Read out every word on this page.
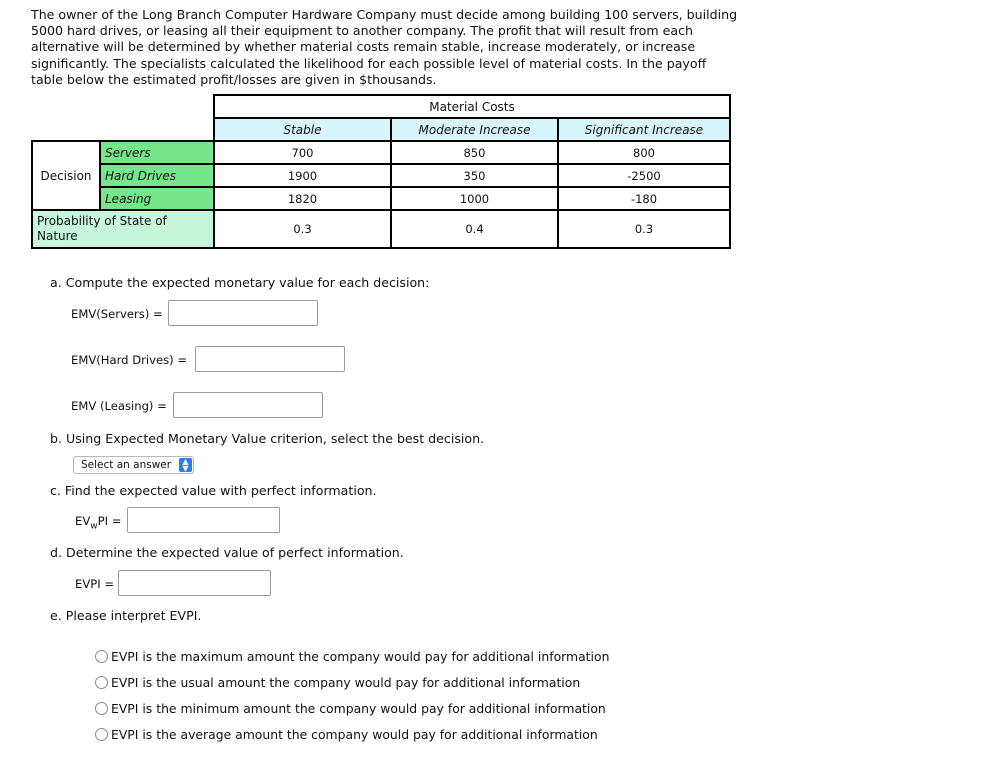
The owner of the Long Branch Computer Hardware Company must decide among building 100 servers, building 5000 hard drives, or leasing all their equipment to another company. The profit that will result from each alternative will be determined by whether material costs remain stable, increase moderately, or increase significantly. The specialists calculated the likelihood for each possible level of material costs. In the payoff table below the estimated profit/losses are given in $thousands.

		Material Costs		
		Stable	Moderate Increase	Significant Increase
Decision	Servers	700	850	800
	Hard Drives	1900	350	-2500
	Leasing	1820	1000	-180
Probability of State of Nature		0.3	0.4	0.3
a. Compute the expected monetary value for each decision:
EMV(Servers) =
EMV(Hard Drives) =
EMV (Leasing) =
b. Using Expected Monetary Value criterion, select the best decision.
Select an answer	▲
▼
c. Find the expected value with perfect information.
$EV_wPI$ =
d. Determine the expected value of perfect information.
EVPI =
e. Please interpret EVPI.
EVPI is the maximum amount the company would pay for additional information
EVPI is the usual amount the company would pay for additional information
EVPI is the minimum amount the company would pay for additional information
EVPI is the average amount the company would pay for additional information
